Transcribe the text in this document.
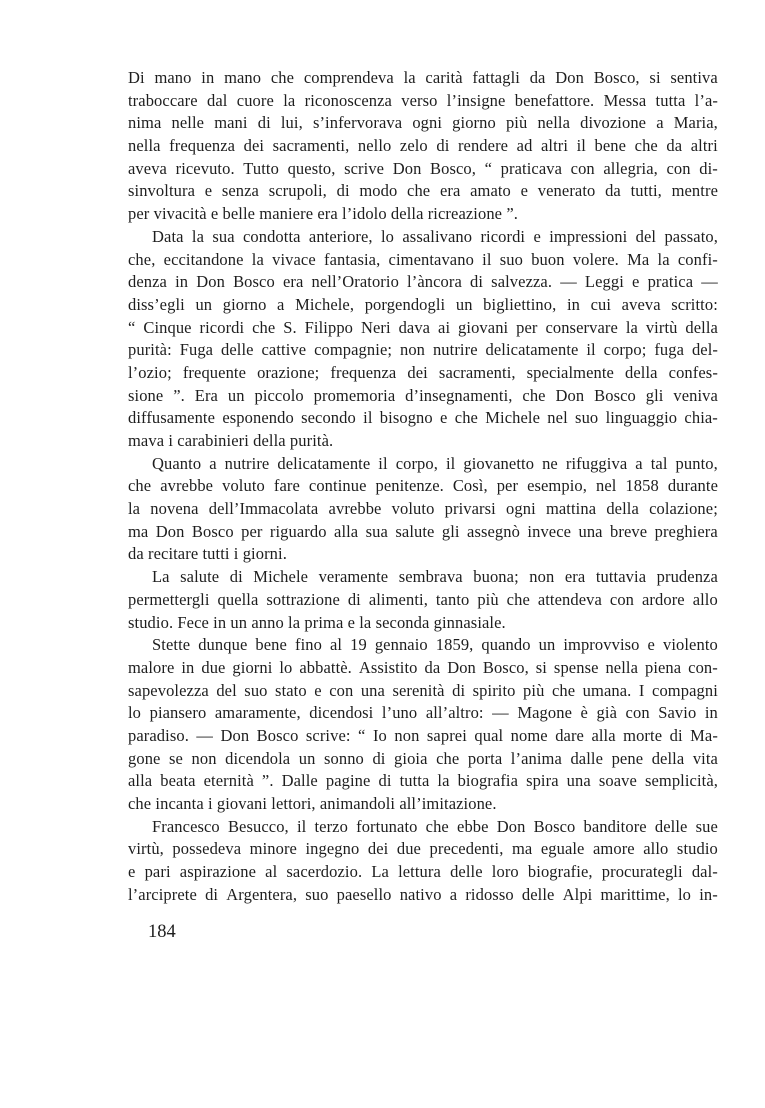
Di mano in mano che comprendeva la carità fattagli da Don Bosco, si sentiva
traboccare dal cuore la riconoscenza verso l’insigne benefattore. Messa tutta l’a-
nima nelle mani di lui, s’infervorava ogni giorno più nella divozione a Maria,
nella frequenza dei sacramenti, nello zelo di rendere ad altri il bene che da altri
aveva ricevuto. Tutto questo, scrive Don Bosco, “ praticava con allegria, con di-
sinvoltura e senza scrupoli, di modo che era amato e venerato da tutti, mentre
per vivacità e belle maniere era l’idolo della ricreazione ”.
Data la sua condotta anteriore, lo assalivano ricordi e impressioni del passato,
che, eccitandone la vivace fantasia, cimentavano il suo buon volere. Ma la confi-
denza in Don Bosco era nell’Oratorio l’àncora di salvezza. — Leggi e pratica —
diss’egli un giorno a Michele, porgendogli un bigliettino, in cui aveva scritto:
“ Cinque ricordi che S. Filippo Neri dava ai giovani per conservare la virtù della
purità: Fuga delle cattive compagnie; non nutrire delicatamente il corpo; fuga del-
l’ozio; frequente orazione; frequenza dei sacramenti, specialmente della confes-
sione ”. Era un piccolo promemoria d’insegnamenti, che Don Bosco gli veniva
diffusamente esponendo secondo il bisogno e che Michele nel suo linguaggio chia-
mava i carabinieri della purità.
Quanto a nutrire delicatamente il corpo, il giovanetto ne rifuggiva a tal punto,
che avrebbe voluto fare continue penitenze. Così, per esempio, nel 1858 durante
la novena dell’Immacolata avrebbe voluto privarsi ogni mattina della colazione;
ma Don Bosco per riguardo alla sua salute gli assegnò invece una breve preghiera
da recitare tutti i giorni.
La salute di Michele veramente sembrava buona; non era tuttavia prudenza
permettergli quella sottrazione di alimenti, tanto più che attendeva con ardore allo
studio. Fece in un anno la prima e la seconda ginnasiale.
Stette dunque bene fino al 19 gennaio 1859, quando un improvviso e violento
malore in due giorni lo abbattè. Assistito da Don Bosco, si spense nella piena con-
sapevolezza del suo stato e con una serenità di spirito più che umana. I compagni
lo piansero amaramente, dicendosi l’uno all’altro: — Magone è già con Savio in
paradiso. — Don Bosco scrive: “ Io non saprei qual nome dare alla morte di Ma-
gone se non dicendola un sonno di gioia che porta l’anima dalle pene della vita
alla beata eternità ”. Dalle pagine di tutta la biografia spira una soave semplicità,
che incanta i giovani lettori, animandoli all’imitazione.
Francesco Besucco, il terzo fortunato che ebbe Don Bosco banditore delle sue
virtù, possedeva minore ingegno dei due precedenti, ma eguale amore allo studio
e pari aspirazione al sacerdozio. La lettura delle loro biografie, procurategli dal-
l’arciprete di Argentera, suo paesello nativo a ridosso delle Alpi marittime, lo in-
184
